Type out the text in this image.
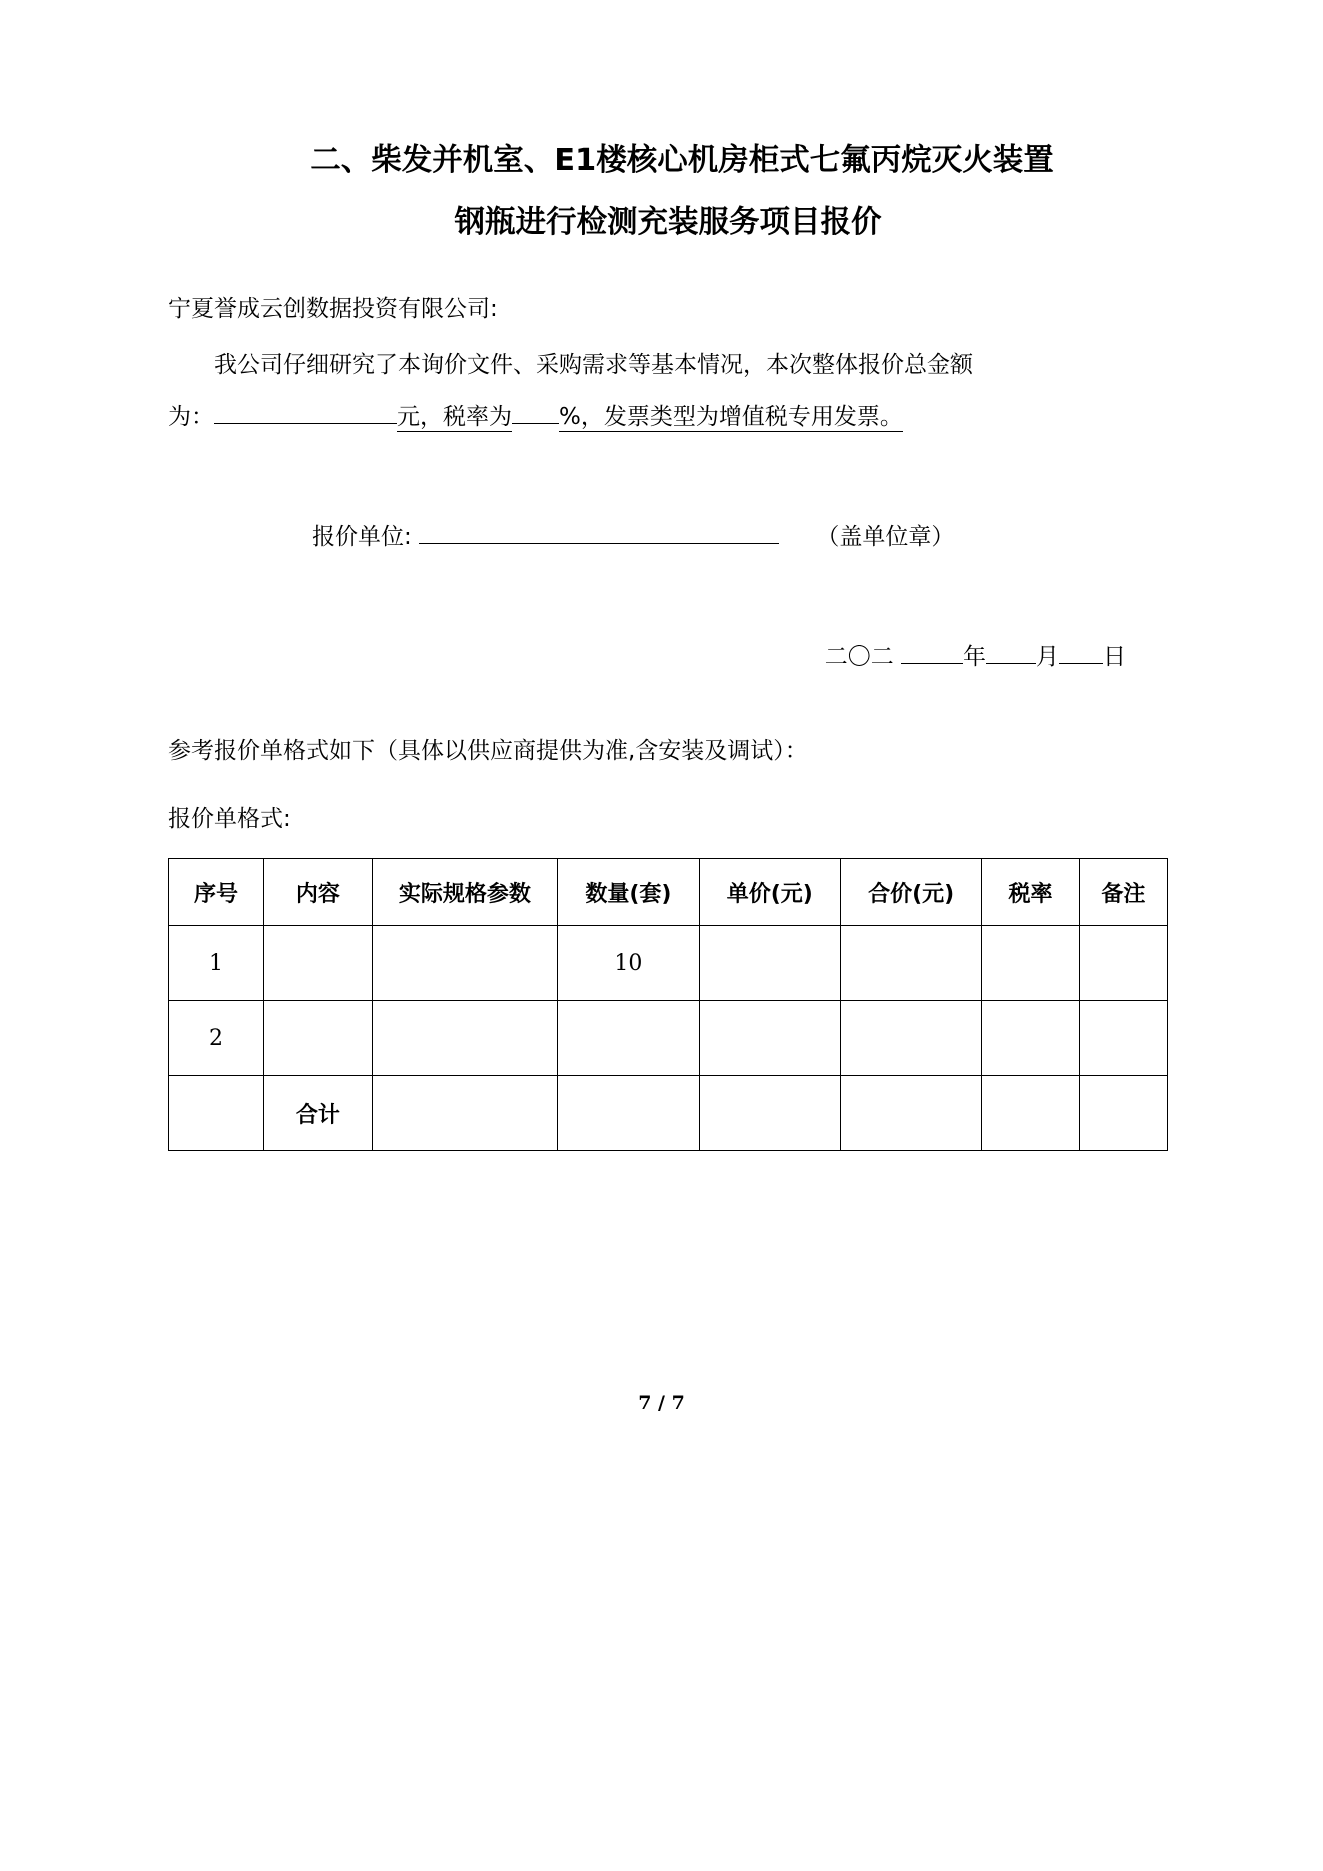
二、柴发并机室、E1楼核心机房柜式七氟丙烷灭火装置
钢瓶进行检测充装服务项目报价
宁夏誉成云创数据投资有限公司:
我公司仔细研究了本询价文件、采购需求等基本情况，本次整体报价总金额
为：	元，税率为 %，发票类型为增值税专用发票。
报价单位:	（盖单位章）
二〇二	年 月 日
参考报价单格式如下（具体以供应商提供为准,含安装及调试）：
报价单格式:
序号	内容	实际规格参数	数量(套)	单价(元)	合价(元)	税率	备注
1			10				
2							
	合计						
7 / 7
